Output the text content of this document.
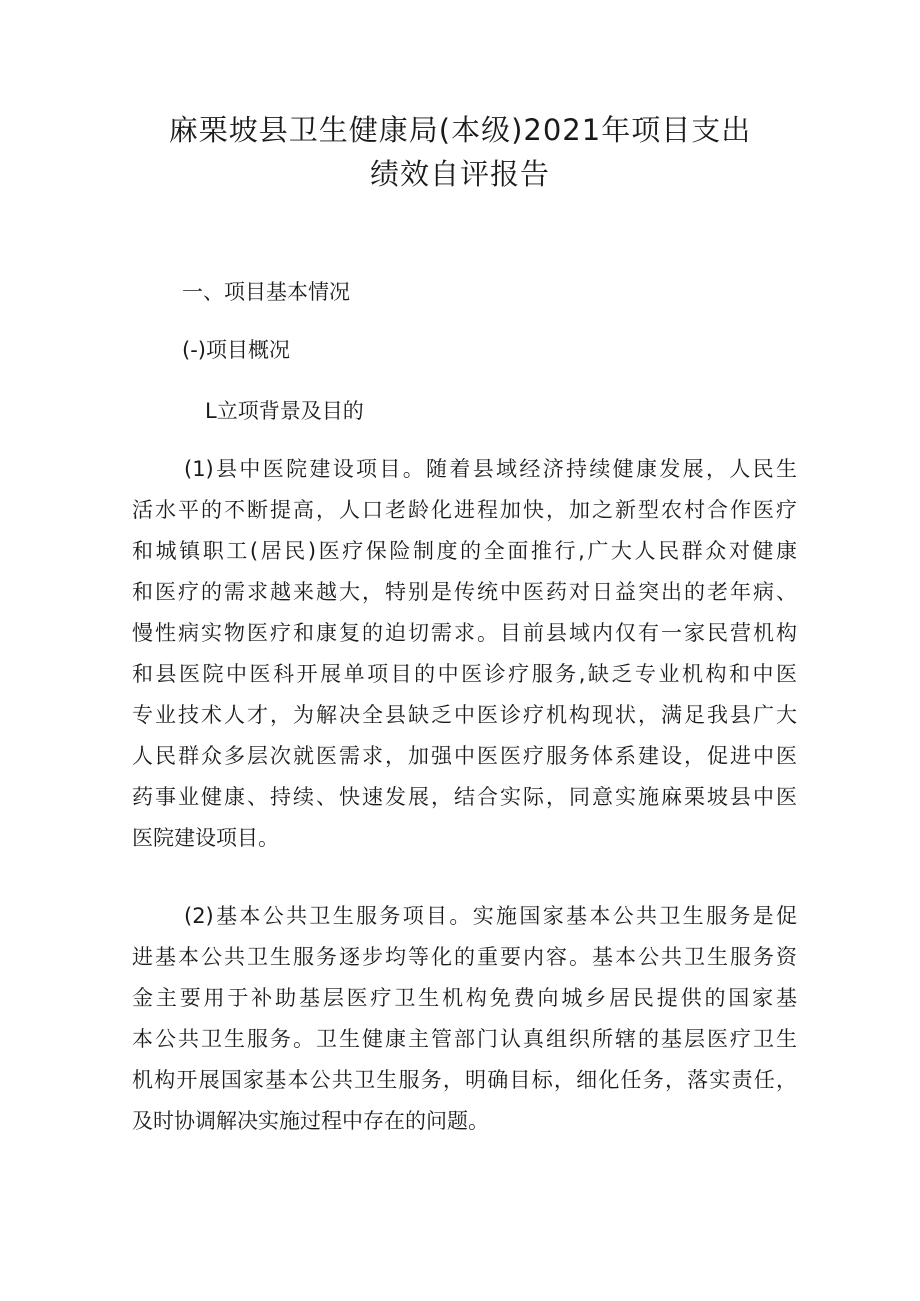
麻栗坡县卫生健康局(本级)2021年项目支出
绩效自评报告
一、项目基本情况
(-)项目概况
L立项背景及目的
(1)县中医院建设项目。随着县域经济持续健康发展，人民生
活水平的不断提高，人口老龄化进程加快，加之新型农村合作医疗
和城镇职工(居民)医疗保险制度的全面推行,广大人民群众对健康
和医疗的需求越来越大，特别是传统中医药对日益突出的老年病、
慢性病实物医疗和康复的迫切需求。目前县域内仅有一家民营机构
和县医院中医科开展单项目的中医诊疗服务,缺乏专业机构和中医
专业技术人才，为解决全县缺乏中医诊疗机构现状，满足我县广大
人民群众多层次就医需求，加强中医医疗服务体系建设，促进中医
药事业健康、持续、快速发展，结合实际，同意实施麻栗坡县中医
医院建设项目。
(2)基本公共卫生服务项目。实施国家基本公共卫生服务是促
进基本公共卫生服务逐步均等化的重要内容。基本公共卫生服务资
金主要用于补助基层医疗卫生机构免费向城乡居民提供的国家基
本公共卫生服务。卫生健康主管部门认真组织所辖的基层医疗卫生
机构开展国家基本公共卫生服务，明确目标，细化任务，落实责任，
及时协调解决实施过程中存在的问题。
